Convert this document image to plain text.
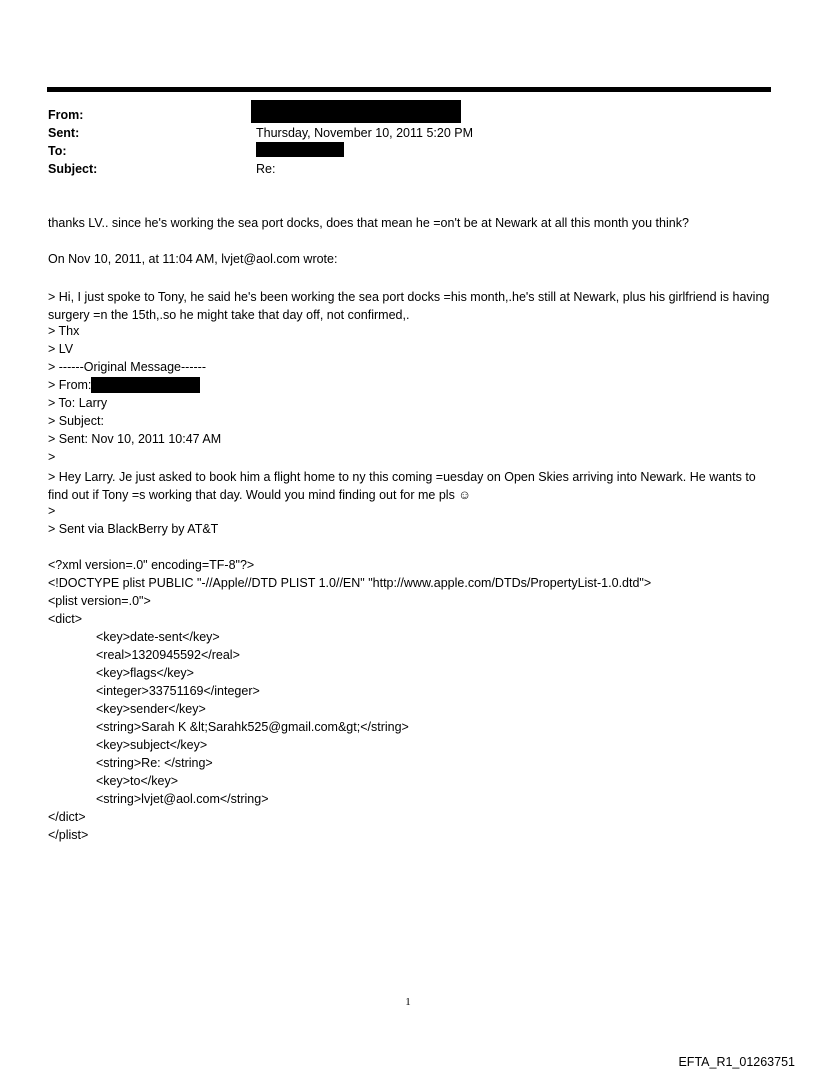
From:
Sent:	Thursday, November 10, 2011 5:20 PM
To:
Subject:	Re:
thanks LV.. since he's working the sea port docks, does that mean he =on't be at Newark at all this month you think?
On Nov 10, 2011, at 11:04 AM, lvjet@aol.com wrote:
> Hi, I just spoke to Tony, he said he's been working the sea port docks =his month,.he's still at Newark, plus his girlfriend is having surgery =n the 15th,.so he might take that day off, not confirmed,.
> Thx
> LV
> ------Original Message------
> From:
> To: Larry
> Subject:
> Sent: Nov 10, 2011 10:47 AM
>
> Hey Larry. Je just asked to book him a flight home to ny this coming =uesday on Open Skies arriving into Newark. He wants to find out if Tony =s working that day. Would you mind finding out for me pls ☺
>
> Sent via BlackBerry by AT&T
<?xml version=.0" encoding=TF-8"?>
<!DOCTYPE plist PUBLIC "-//Apple//DTD PLIST 1.0//EN" "http://www.apple.com/DTDs/PropertyList-1.0.dtd">
<plist version=.0">
<dict>
<key>date-sent</key>
<real>1320945592</real>
<key>flags</key>
<integer>33751169</integer>
<key>sender</key>
<string>Sarah K &lt;Sarahk525@gmail.com&gt;</string>
<key>subject</key>
<string>Re: </string>
<key>to</key>
<string>lvjet@aol.com</string>
</dict>
</plist>
1
EFTA_R1_01263751
